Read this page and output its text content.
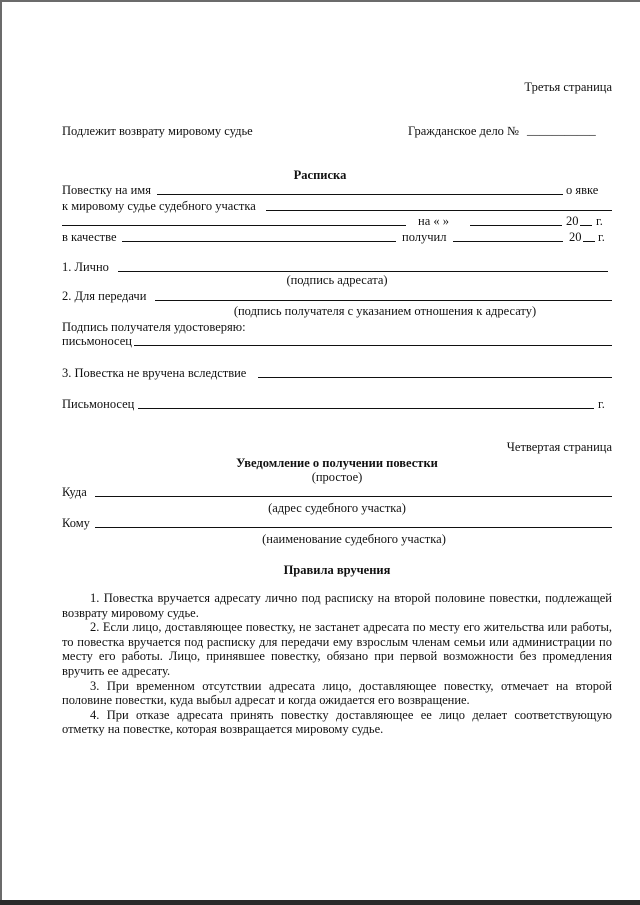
Третья страница
Подлежит возврату мировому судье	Гражданское дело № ___________
Расписка
Повестку на имя	о явке
к мировому судье судебного участка
на « »	20 г.
в качестве	получил	20 г.
1. Лично
(подпись адресата)
2. Для передачи
(подпись получателя с указанием отношения к адресату)
Подпись получателя удостоверяю:
письмоносец
3. Повестка не вручена вследствие
Письмоносец	г.
Четвертая страница
Уведомление о получении повестки
(простое)
Куда
(адрес судебного участка)
Кому
(наименование судебного участка)
Правила вручения

1. Повестка вручается адресату лично под расписку на второй половине повестки, подлежащей возврату мировому судье.

2. Если лицо, доставляющее повестку, не застанет адресата по месту его жительства или работы, то повестка вручается под расписку для передачи ему взрослым членам семьи или администрации по месту его работы. Лицо, принявшее повестку, обязано при первой возможности без промедления вручить ее адресату.

3. При временном отсутствии адресата лицо, доставляющее повестку, отмечает на второй половине повестки, куда выбыл адресат и когда ожидается его возвращение.

4. При отказе адресата принять повестку доставляющее ее лицо делает соответствующую отметку на повестке, которая возвращается мировому судье.
